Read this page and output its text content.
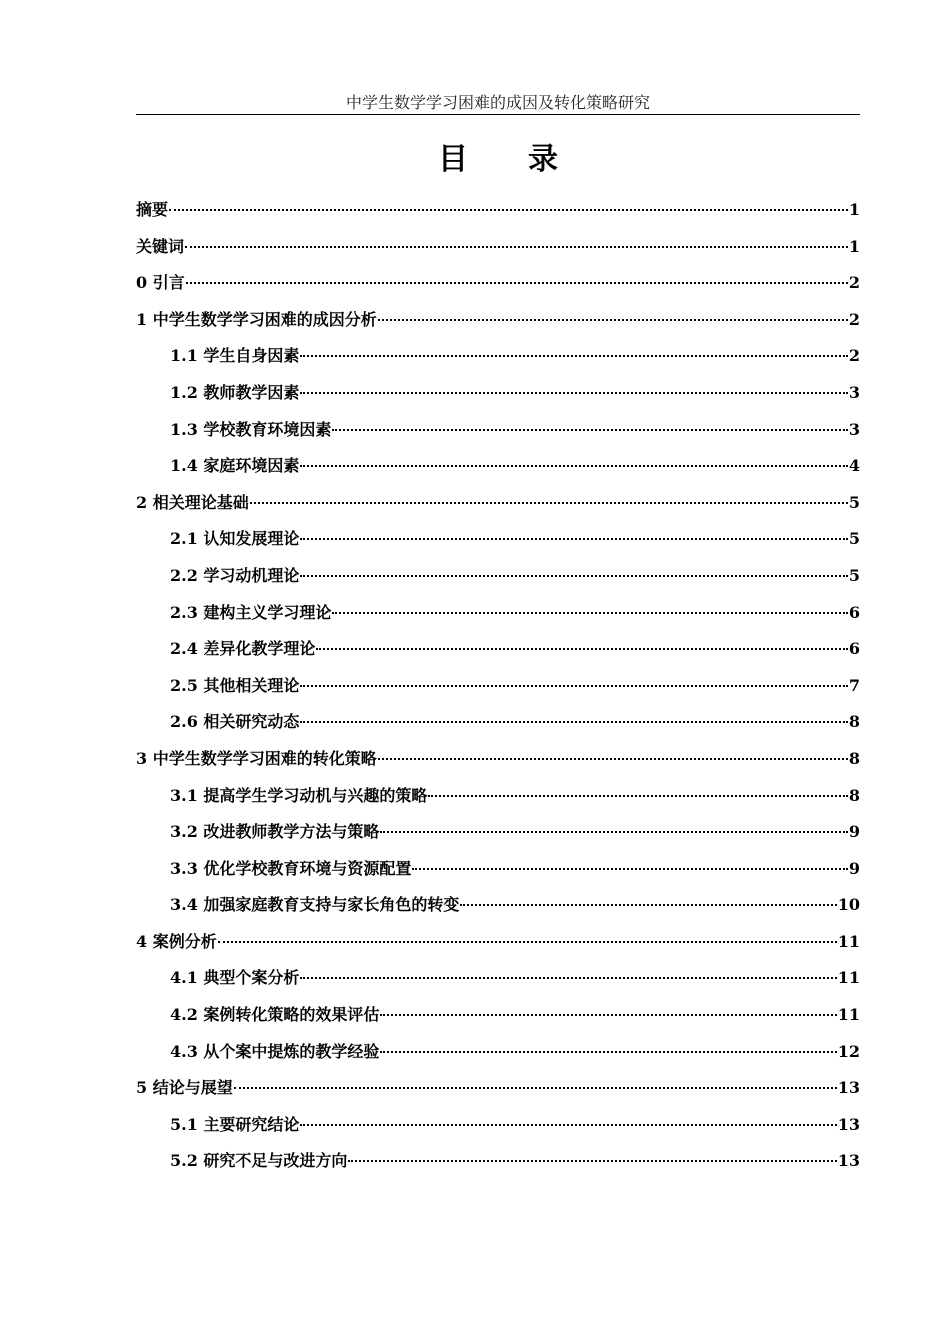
中学生数学学习困难的成因及转化策略研究
目 录
摘要	1
关键词	1
0 引言	2
1 中学生数学学习困难的成因分析	2
1.1 学生自身因素	2
1.2 教师教学因素	3
1.3 学校教育环境因素	3
1.4 家庭环境因素	4
2 相关理论基础	5
2.1 认知发展理论	5
2.2 学习动机理论	5
2.3 建构主义学习理论	6
2.4 差异化教学理论	6
2.5 其他相关理论	7
2.6 相关研究动态	8
3 中学生数学学习困难的转化策略	8
3.1 提高学生学习动机与兴趣的策略	8
3.2 改进教师教学方法与策略	9
3.3 优化学校教育环境与资源配置	9
3.4 加强家庭教育支持与家长角色的转变	10
4 案例分析	11
4.1 典型个案分析	11
4.2 案例转化策略的效果评估	11
4.3 从个案中提炼的教学经验	12
5 结论与展望	13
5.1 主要研究结论	13
5.2 研究不足与改进方向	13
